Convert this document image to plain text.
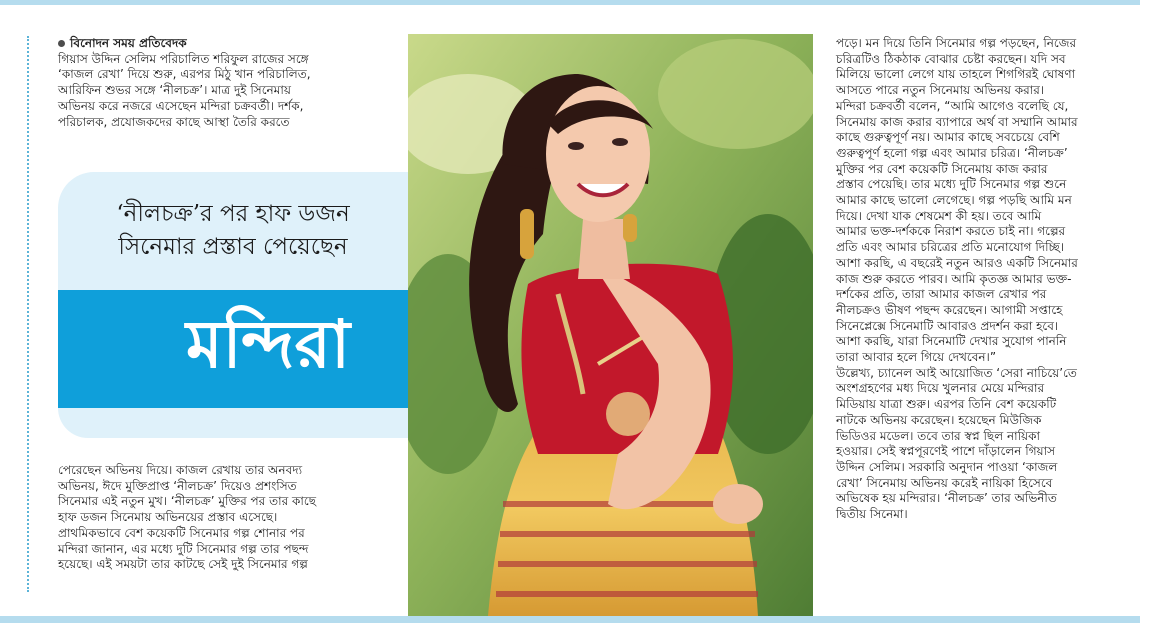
বিনোদন সময় প্রতিবেদক
গিয়াস উদ্দিন সেলিম পরিচালিত শরিফুল রাজের সঙ্গে
‘কাজল রেখা’ দিয়ে শুরু, এরপর মিঠু খান পরিচালিত,
আরিফিন শুভর সঙ্গে ‘নীলচক্র’। মাত্র দুই সিনেমায়
অভিনয় করে নজরে এসেছেন মন্দিরা চক্রবর্তী। দর্শক,
পরিচালক, প্রযোজকদের কাছে আস্থা তৈরি করতে
‘নীলচক্র’র পর হাফ ডজন
সিনেমার প্রস্তাব পেয়েছেন
মন্দিরা
পেরেছেন অভিনয় দিয়ে। কাজল রেখায় তার অনবদ্য
অভিনয়, ঈদে মুক্তিপ্রাপ্ত ‘নীলচক্র’ দিয়েও প্রশংসিত
সিনেমার এই নতুন মুখ। ‘নীলচক্র’ মুক্তির পর তার কাছে
হাফ ডজন সিনেমায় অভিনয়ের প্রস্তাব এসেছে।
প্রাথমিকভাবে বেশ কয়েকটি সিনেমার গল্প শোনার পর
মন্দিরা জানান, এর মধ্যে দুটি সিনেমার গল্প তার পছন্দ
হয়েছে। এই সময়টা তার কাটছে সেই দুই সিনেমার গল্প
পড়ে। মন দিয়ে তিনি সিনেমার গল্প পড়ছেন, নিজের
চরিত্রটিও ঠিকঠাক বোঝার চেষ্টা করছেন। যদি সব
মিলিয়ে ভালো লেগে যায় তাহলে শিগগিরই ঘোষণা
আসতে পারে নতুন সিনেমায় অভিনয় করার।
মন্দিরা চক্রবর্তী বলেন, “আমি আগেও বলেছি যে,
সিনেমায় কাজ করার ব্যাপারে অর্থ বা সম্মানি আমার
কাছে গুরুত্বপূর্ণ নয়। আমার কাছে সবচেয়ে বেশি
গুরুত্বপূর্ণ হলো গল্প এবং আমার চরিত্র। ‘নীলচক্র’
মুক্তির পর বেশ কয়েকটি সিনেমায় কাজ করার
প্রস্তাব পেয়েছি। তার মধ্যে দুটি সিনেমার গল্প শুনে
আমার কাছে ভালো লেগেছে। গল্প পড়ছি আমি মন
দিয়ে। দেখা যাক শেষমেশ কী হয়। তবে আমি
আমার ভক্ত-দর্শককে নিরাশ করতে চাই না। গল্পের
প্রতি এবং আমার চরিত্রের প্রতি মনোযোগ দিচ্ছি।
আশা করছি, এ বছরেই নতুন আরও একটি সিনেমার
কাজ শুরু করতে পারব। আমি কৃতজ্ঞ আমার ভক্ত-
দর্শকের প্রতি, তারা আমার কাজল রেখার পর
নীলচক্রও ভীষণ পছন্দ করেছেন। আগামী সপ্তাহে
সিনেপ্লেক্সে সিনেমাটি আবারও প্রদর্শন করা হবে।
আশা করছি, যারা সিনেমাটি দেখার সুযোগ পাননি
তারা আবার হলে গিয়ে দেখবেন।”
উল্লেখ্য, চ্যানেল আই আয়োজিত ‘সেরা নাচিয়ে’তে
অংশগ্রহণের মধ্য দিয়ে খুলনার মেয়ে মন্দিরার
মিডিয়ায় যাত্রা শুরু। এরপর তিনি বেশ কয়েকটি
নাটকে অভিনয় করেছেন। হয়েছেন মিউজিক
ভিডিওর মডেল। তবে তার স্বপ্ন ছিল নায়িকা
হওয়ার। সেই স্বপ্নপূরণেই পাশে দাঁড়ালেন গিয়াস
উদ্দিন সেলিম। সরকারি অনুদান পাওয়া ‘কাজল
রেখা’ সিনেমায় অভিনয় করেই নায়িকা হিসেবে
অভিষেক হয় মন্দিরার। ‘নীলচক্র’ তার অভিনীত
দ্বিতীয় সিনেমা।
